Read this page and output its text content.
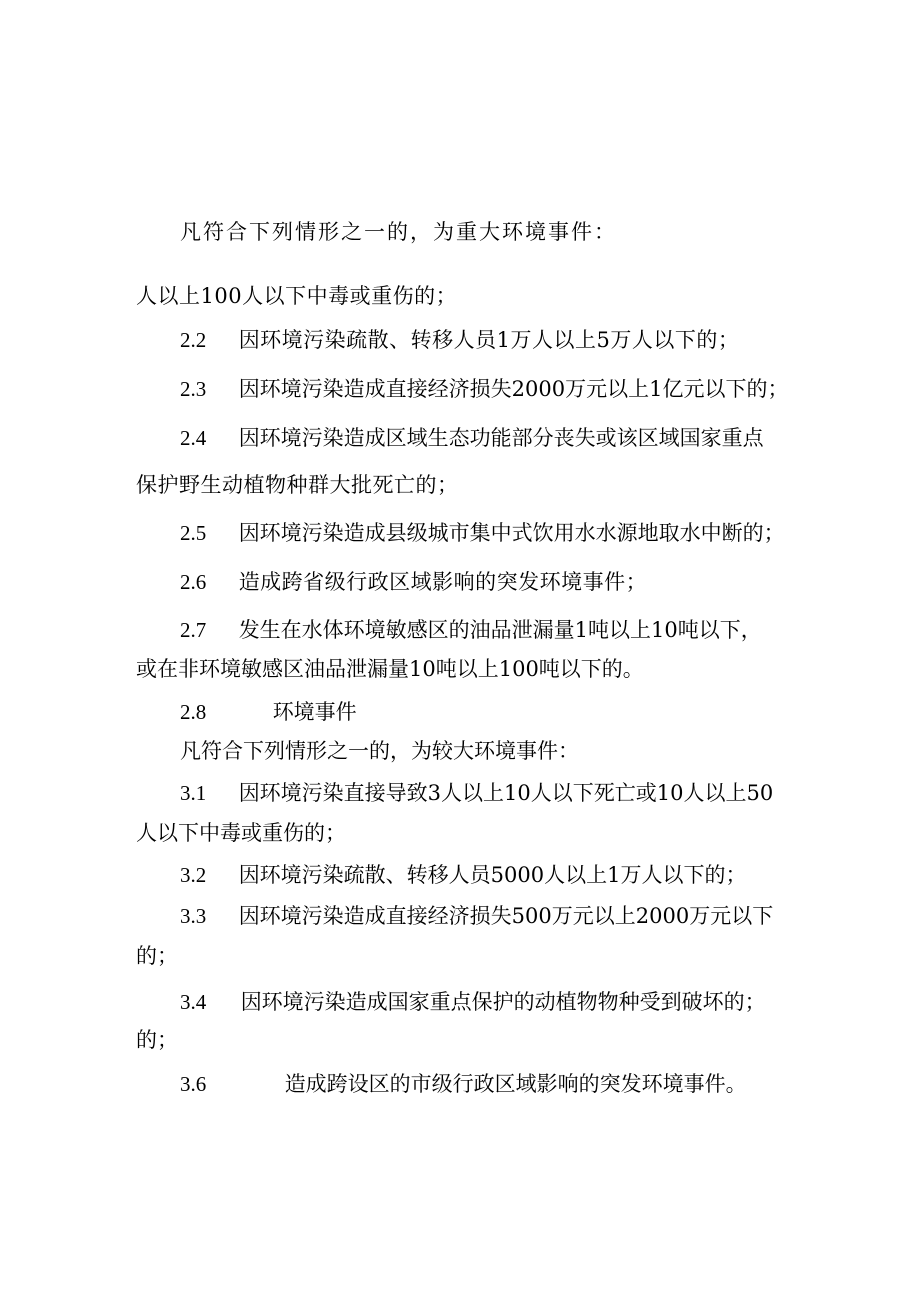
凡符合下列情形之一的，为重大环境事件：
人以上100人以下中毒或重伤的；
2.2 因环境污染疏散、转移人员1万人以上5万人以下的；
2.3 因环境污染造成直接经济损失2000万元以上1亿元以下的；
2.4 因环境污染造成区域生态功能部分丧失或该区域国家重点
保护野生动植物种群大批死亡的；
2.5 因环境污染造成县级城市集中式饮用水水源地取水中断的；
2.6 造成跨省级行政区域影响的突发环境事件；
2.7 发生在水体环境敏感区的油品泄漏量1吨以上10吨以下，
或在非环境敏感区油品泄漏量10吨以上100吨以下的。
2.8	环境事件
凡符合下列情形之一的，为较大环境事件：
3.1 因环境污染直接导致3人以上10人以下死亡或10人以上50
人以下中毒或重伤的；
3.2 因环境污染疏散、转移人员5000人以上1万人以下的；
3.3 因环境污染造成直接经济损失500万元以上2000万元以下
的；
3.4 因环境污染造成国家重点保护的动植物物种受到破坏的；
的；
3.6	造成跨设区的市级行政区域影响的突发环境事件。
